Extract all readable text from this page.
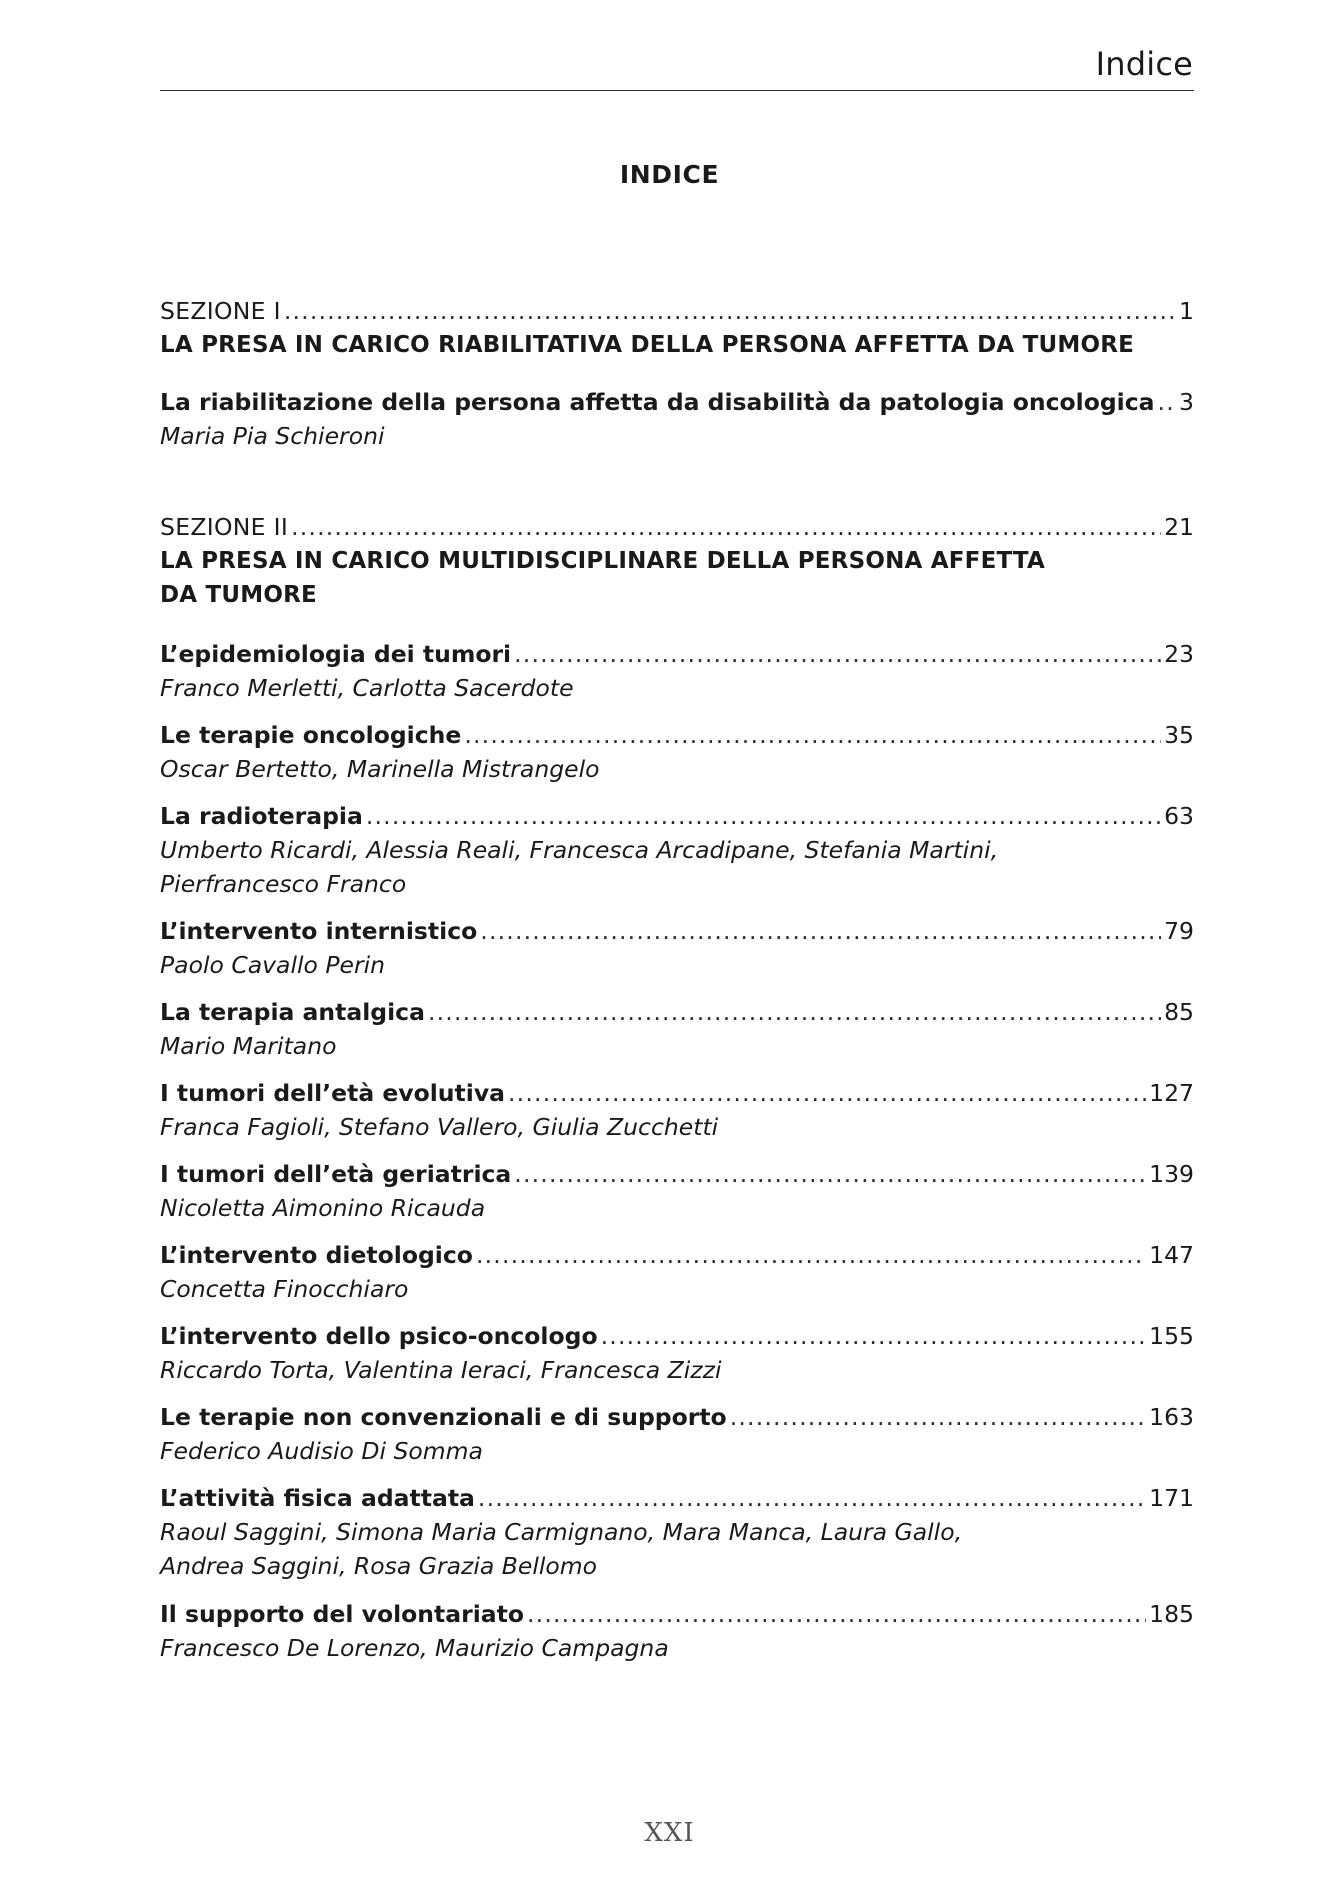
Indice
INDICE
SEZIONE I .....	1
LA PRESA IN CARICO RIABILITATIVA DELLA PERSONA AFFETTA DA TUMORE
La riabilitazione della persona affetta da disabilità da patologia oncologica ..... 3
Maria Pia Schieroni
SEZIONE II .....	21
LA PRESA IN CARICO MULTIDISCIPLINARE DELLA PERSONA AFFETTA
DA TUMORE
L’epidemiologia dei tumori .....	23
Franco Merletti, Carlotta Sacerdote
Le terapie oncologiche .....	35
Oscar Bertetto, Marinella Mistrangelo
La radioterapia .....	63
Umberto Ricardi, Alessia Reali, Francesca Arcadipane, Stefania Martini,
Pierfrancesco Franco
L’intervento internistico .....	79
Paolo Cavallo Perin
La terapia antalgica .....	85
Mario Maritano
I tumori dell’età evolutiva .....	127
Franca Fagioli, Stefano Vallero, Giulia Zucchetti
I tumori dell’età geriatrica .....	139
Nicoletta Aimonino Ricauda
L’intervento dietologico .....	147
Concetta Finocchiaro
L’intervento dello psico-oncologo .....	155
Riccardo Torta, Valentina Ieraci, Francesca Zizzi
Le terapie non convenzionali e di supporto .....	163
Federico Audisio Di Somma
L’attività fisica adattata .....	171
Raoul Saggini, Simona Maria Carmignano, Mara Manca, Laura Gallo,
Andrea Saggini, Rosa Grazia Bellomo
Il supporto del volontariato .....	185
Francesco De Lorenzo, Maurizio Campagna
XXI
